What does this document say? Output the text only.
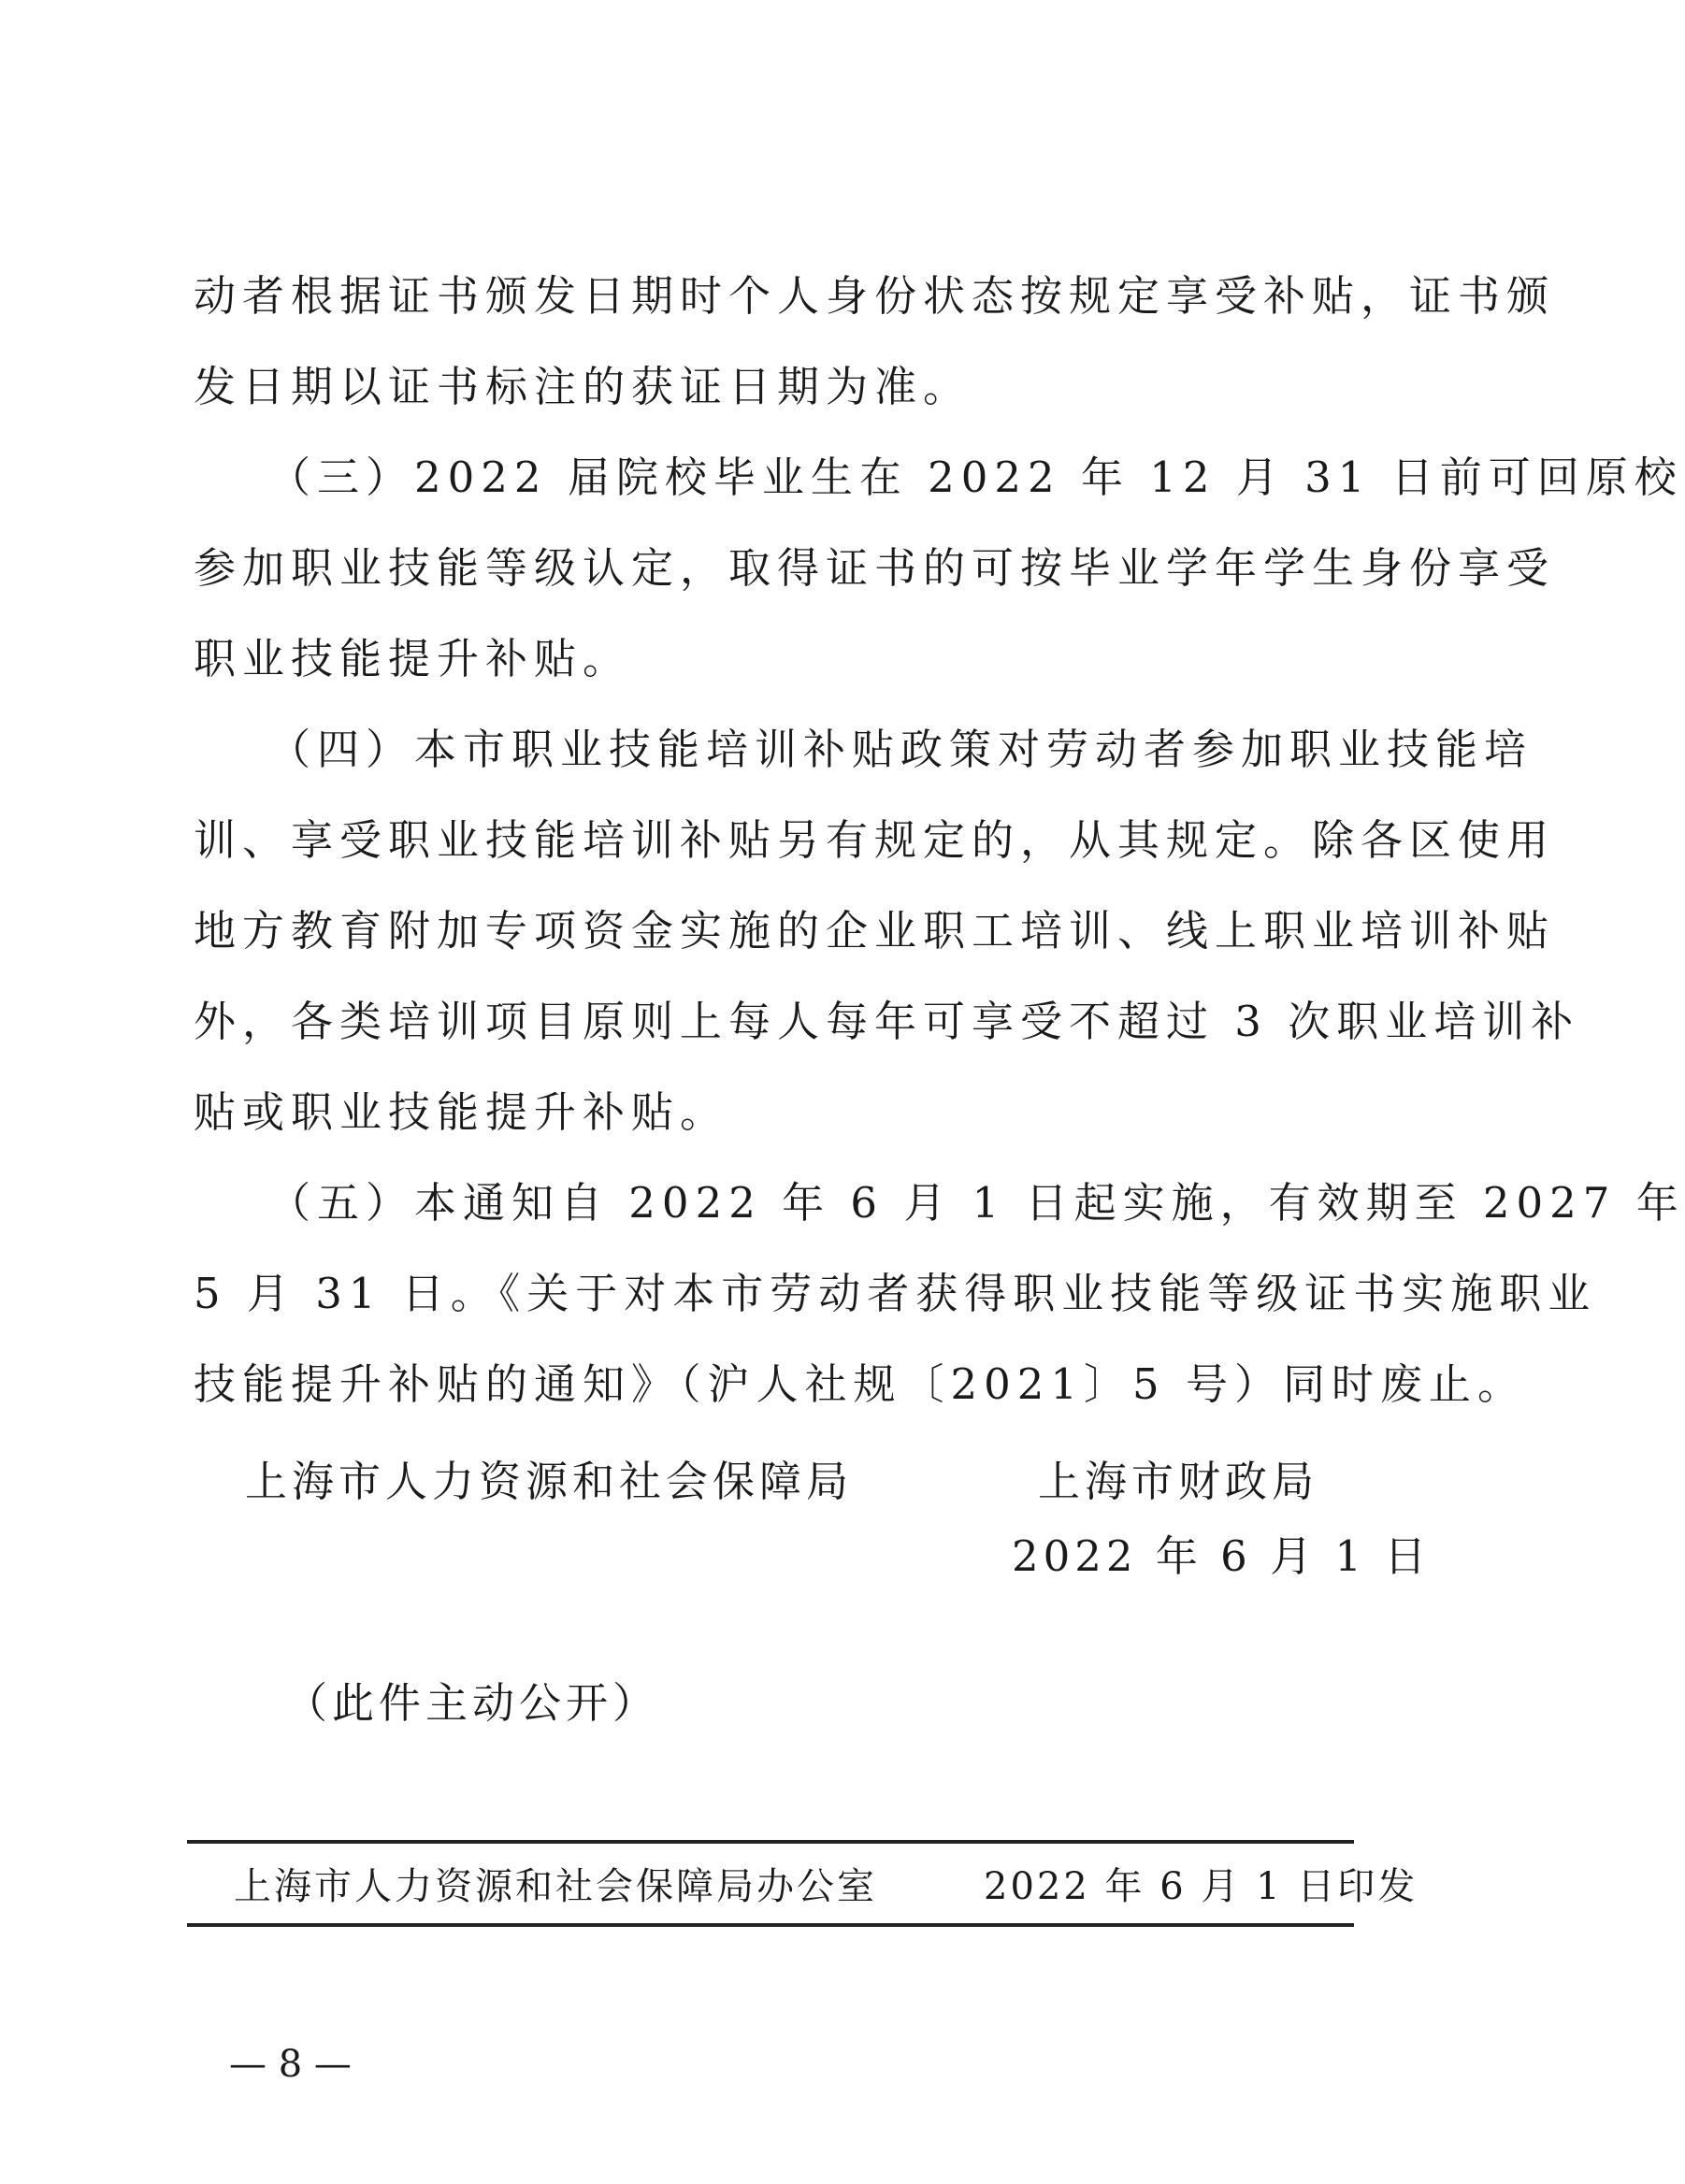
动者根据证书颁发日期时个人身份状态按规定享受补贴，证书颁
发日期以证书标注的获证日期为准。
（三）2022 届院校毕业生在 2022 年 12 月 31 日前可回原校
参加职业技能等级认定，取得证书的可按毕业学年学生身份享受
职业技能提升补贴。
（四）本市职业技能培训补贴政策对劳动者参加职业技能培
训、享受职业技能培训补贴另有规定的，从其规定。除各区使用
地方教育附加专项资金实施的企业职工培训、线上职业培训补贴
外，各类培训项目原则上每人每年可享受不超过 3 次职业培训补
贴或职业技能提升补贴。
（五）本通知自 2022 年 6 月 1 日起实施，有效期至 2027 年
5 月 31 日。《关于对本市劳动者获得职业技能等级证书实施职业
技能提升补贴的通知》（沪人社规〔2021〕5 号）同时废止。
上海市人力资源和社会保障局	上海市财政局
2022 年 6 月 1 日
（此件主动公开）
上海市人力资源和社会保障局办公室	2022 年 6 月 1 日印发
— 8 —
